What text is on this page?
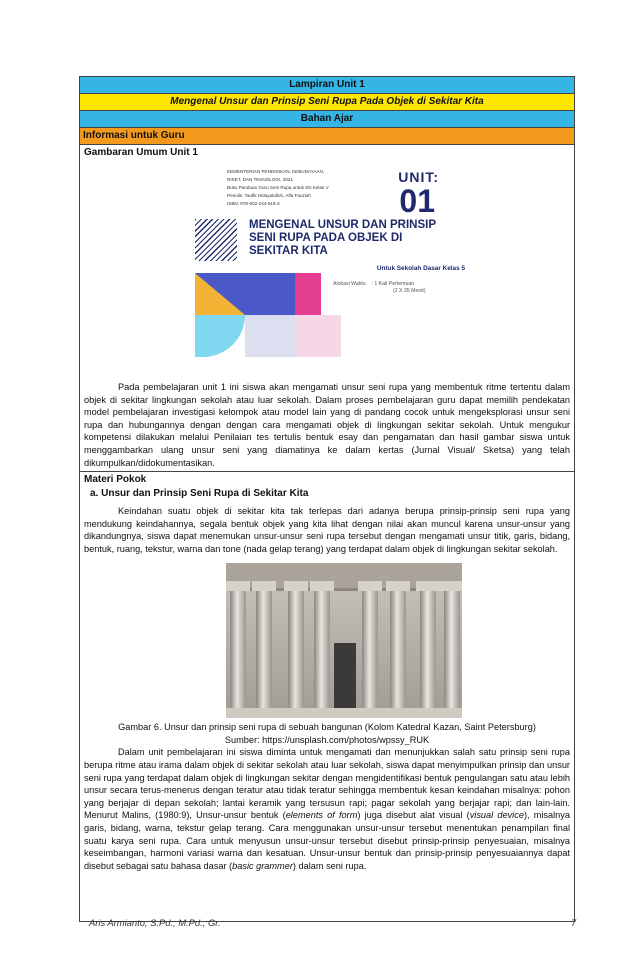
Lampiran Unit 1
Mengenal Unsur dan Prinsip Seni Rupa Pada Objek di Sekitar Kita
Bahan Ajar
Informasi untuk Guru
Gambaran Umum Unit 1
KEMENTERIAN PENDIDIKAN, KEBUDAYAAN,
RISET, DAN TEKNOLOGI, 2021
Buku Panduan Guru Seni Rupa untuk SD Kelas V
Penulis: Taufik Hidayatulloh, Alfa Fauziah
ISBN: 978-602-244-616-3
UNIT:
01
MENGENAL UNSUR DAN PRINSIP SENI RUPA PADA OBJEK DI SEKITAR KITA
Untuk Sekolah Dasar Kelas 5
Alokasi Waktu : 1 Kali Pertemuan
(2 X 35 Menit)

Pada pembelajaran unit 1 ini siswa akan mengamati unsur seni rupa yang membentuk ritme tertentu dalam objek di sekitar lingkungan sekolah atau luar sekolah. Dalam proses pembelajaran guru dapat memilih pendekatan model pembelajaran investigasi kelompok atau model lain yang di pandang cocok untuk mengeksplorasi unsur seni rupa dan hubungannya dengan dengan cara mengamati objek di lingkungan sekitar sekolah. Untuk mengukur kompetensi dilakukan melalui Penilaian tes tertulis bentuk esay dan pengamatan dan hasil gambar siswa untuk menggambarkan ulang unsur seni yang diamatinya ke dalam kertas (Jurnal Visual/ Sketsa) yang telah dikumpulkan/didokumentasikan.

Materi Pokok
a. Unsur dan Prinsip Seni Rupa di Sekitar Kita

Keindahan suatu objek di sekitar kita tak terlepas dari adanya berupa prinsip-prinsip seni rupa yang mendukung keindahannya, segala bentuk objek yang kita lihat dengan nilai akan muncul karena unsur-unsur yang dikandungnya, siswa dapat menemukan unsur-unsur seni rupa tersebut dengan mengamati unsur titik, garis, bidang, bentuk, ruang, tekstur, warna dan tone (nada gelap terang) yang terdapat dalam objek di lingkungan sekitar sekolah.

Gambar 6. Unsur dan prinsip seni rupa di sebuah bangunan (Kolom Katedral Kazan, Saint Petersburg)
Sumber: https://unsplash.com/photos/wpssy_RUK

Dalam unit pembelajaran ini siswa diminta untuk mengamati dan menunjukkan salah satu prinsip seni rupa berupa ritme atau irama dalam objek di sekitar sekolah atau luar sekolah, siswa dapat menyimpulkan prinsip dan unsur seni rupa yang terdapat dalam objek di lingkungan sekitar dengan mengidentifikasi bentuk pengulangan satu atau lebih unsur secara terus-menerus dengan teratur atau tidak teratur sehingga membentuk kesan keindahan misalnya: pohon yang berjajar di depan sekolah; lantai keramik yang tersusun rapi; pagar sekolah yang berjajar rapi; dan lain-lain. Menurut Malins, (1980:9), Unsur-unsur bentuk (elements of form) juga disebut alat visual (visual device), misalnya garis, bidang, warna, tekstur gelap terang. Cara menggunakan unsur-unsur tersebut menentukan penampilan final suatu karya seni rupa. Cara untuk menyusun unsur-unsur tersebut disebut prinsip-prinsip penyesuaian, misalnya keseimbangan, harmoni variasi warna dan kesatuan. Unsur-unsur bentuk dan prinsip-prinsip penyesuaiannya dapat disebut sebagai satu bahasa dasar (basic grammer) dalam seni rupa.

Aris Armianto, S.Pd., M.Pd., Gr.	7
